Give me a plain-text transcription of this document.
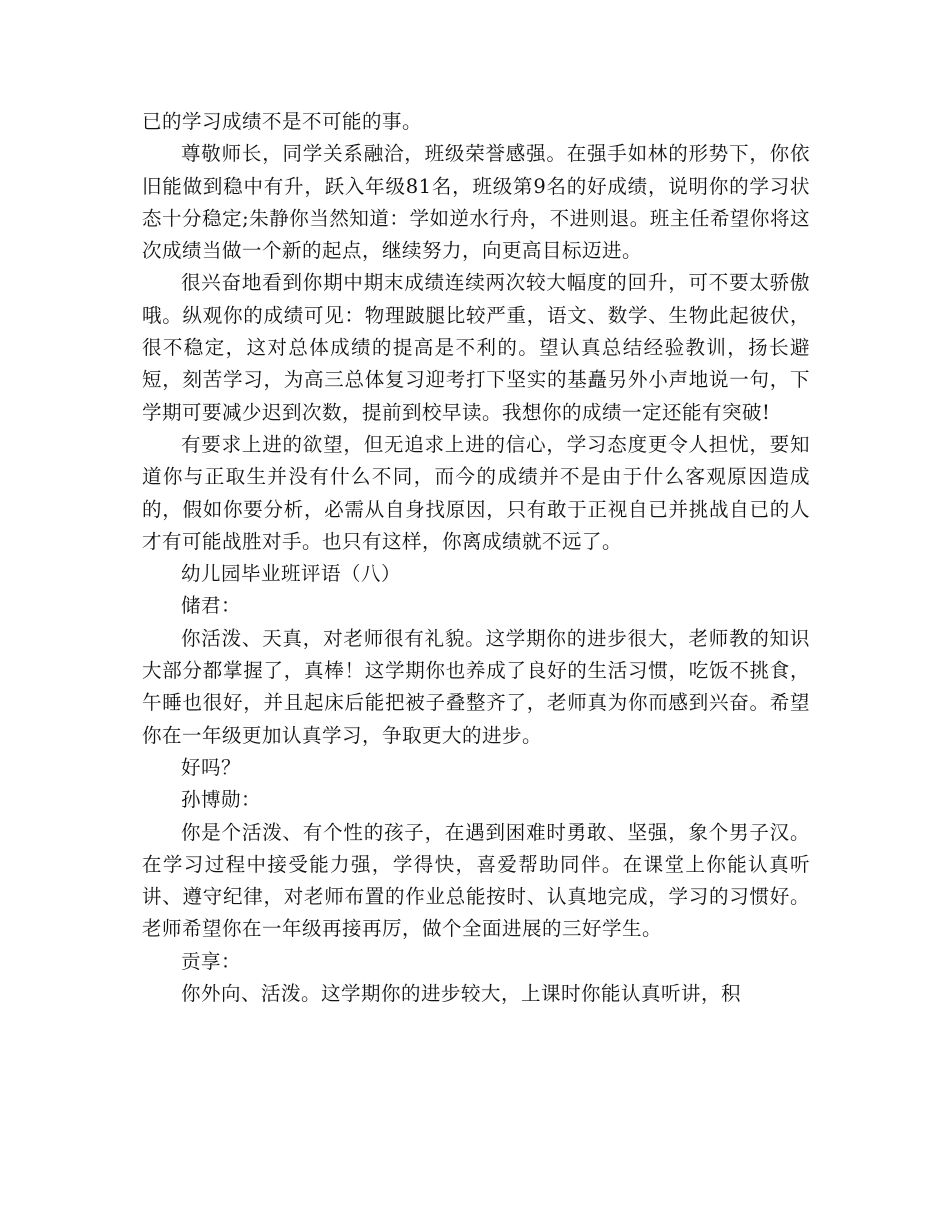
已的学习成绩不是不可能的事。

尊敬师长，同学关系融洽，班级荣誉感强。在强手如林的形势下，你依旧能做到稳中有升，跃入年级81名，班级第9名的好成绩，说明你的学习状态十分稳定;朱静你当然知道：学如逆水行舟，不进则退。班主任希望你将这次成绩当做一个新的起点，继续努力，向更高目标迈进。

很兴奋地看到你期中期末成绩连续两次较大幅度的回升，可不要太骄傲哦。纵观你的成绩可见：物理跛腿比较严重，语文、数学、生物此起彼伏，很不稳定，这对总体成绩的提高是不利的。望认真总结经验教训，扬长避短，刻苦学习，为高三总体复习迎考打下坚实的基矗另外小声地说一句，下学期可要减少迟到次数，提前到校早读。我想你的成绩一定还能有突破!

有要求上进的欲望，但无追求上进的信心，学习态度更令人担忧，要知道你与正取生并没有什么不同，而今的成绩并不是由于什么客观原因造成的，假如你要分析，必需从自身找原因，只有敢于正视自已并挑战自已的人才有可能战胜对手。也只有这样，你离成绩就不远了。

幼儿园毕业班评语（八）

储君：

你活泼、天真，对老师很有礼貌。这学期你的进步很大，老师教的知识大部分都掌握了，真棒！这学期你也养成了良好的生活习惯，吃饭不挑食，午睡也很好，并且起床后能把被子叠整齐了，老师真为你而感到兴奋。希望你在一年级更加认真学习，争取更大的进步。

好吗？

孙博勋：

你是个活泼、有个性的孩子，在遇到困难时勇敢、坚强，象个男子汉。在学习过程中接受能力强，学得快，喜爱帮助同伴。在课堂上你能认真听讲、遵守纪律，对老师布置的作业总能按时、认真地完成，学习的习惯好。老师希望你在一年级再接再厉，做个全面进展的三好学生。

贡享：

你外向、活泼。这学期你的进步较大，上课时你能认真听讲，积
